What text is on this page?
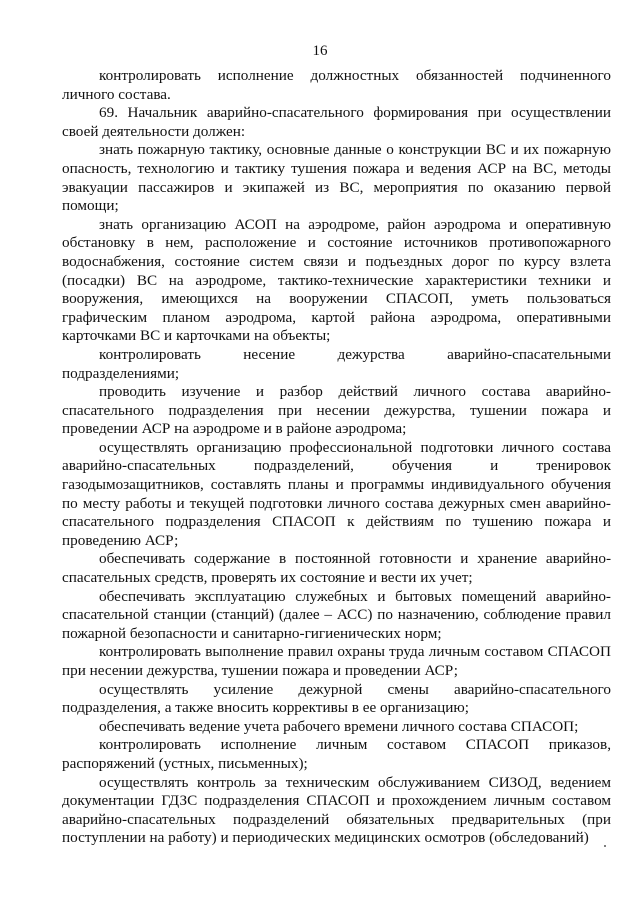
16

контролировать исполнение должностных обязанностей подчиненного личного состава.

69. Начальник аварийно-спасательного формирования при осуществлении своей деятельности должен:

знать пожарную тактику, основные данные о конструкции ВС и их пожарную опасность, технологию и тактику тушения пожара и ведения АСР на ВС, методы эвакуации пассажиров и экипажей из ВС, мероприятия по оказанию первой помощи;

знать организацию АСОП на аэродроме, район аэродрома и оперативную обстановку в нем, расположение и состояние источников противопожарного водоснабжения, состояние систем связи и подъездных дорог по курсу взлета (посадки) ВС на аэродроме, тактико-технические характеристики техники и вооружения, имеющихся на вооружении СПАСОП, уметь пользоваться графическим планом аэродрома, картой района аэродрома, оперативными карточками ВС и карточками на объекты;

контролировать несение дежурства аварийно-спасательными подразделениями;

проводить изучение и разбор действий личного состава аварийно-спасательного подразделения при несении дежурства, тушении пожара и проведении АСР на аэродроме и в районе аэродрома;

осуществлять организацию профессиональной подготовки личного состава аварийно-спасательных подразделений, обучения и тренировок газодымозащитников, составлять планы и программы индивидуального обучения по месту работы и текущей подготовки личного состава дежурных смен аварийно-спасательного подразделения СПАСОП к действиям по тушению пожара и проведению АСР;

обеспечивать содержание в постоянной готовности и хранение аварийно-спасательных средств, проверять их состояние и вести их учет;

обеспечивать эксплуатацию служебных и бытовых помещений аварийно-спасательной станции (станций) (далее – АСС) по назначению, соблюдение правил пожарной безопасности и санитарно-гигиенических норм;

контролировать выполнение правил охраны труда личным составом СПАСОП при несении дежурства, тушении пожара и проведении АСР;

осуществлять усиление дежурной смены аварийно-спасательного подразделения, а также вносить коррективы в ее организацию;

обеспечивать ведение учета рабочего времени личного состава СПАСОП;

контролировать исполнение личным составом СПАСОП приказов, распоряжений (устных, письменных);

осуществлять контроль за техническим обслуживанием СИЗОД, ведением документации ГДЗС подразделения СПАСОП и прохождением личным составом аварийно-спасательных подразделений обязательных предварительных (при поступлении на работу) и периодических медицинских осмотров (обследований)
